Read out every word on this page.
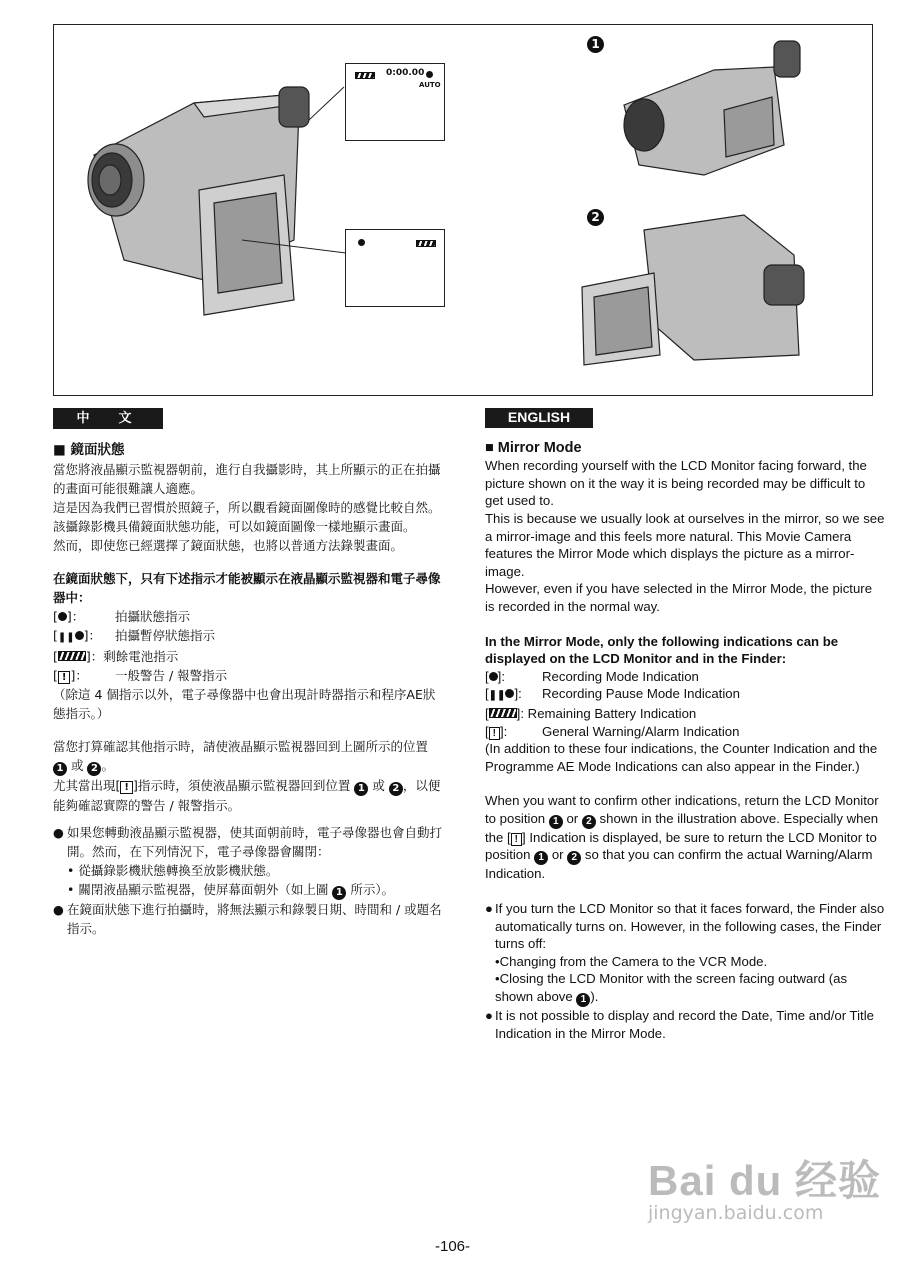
0:00.00
AUTO
1
2
中　文
■ 鏡面狀態

當您將液晶顯示監視器朝前，進行自我攝影時，其上所顯示的正在拍攝的畫面可能很難讓人適應。

這是因為我們已習慣於照鏡子，所以觀看鏡面圖像時的感覺比較自然。該攝錄影機具備鏡面狀態功能，可以如鏡面圖像一樣地顯示畫面。

然而，即使您已經選擇了鏡面狀態，也將以普通方法錄製畫面。

在鏡面狀態下，只有下述指示才能被顯示在液晶顯示監視器和電子尋像器中：

[ ]：	拍攝狀態指示
[❚❚ ]：	拍攝暫停狀態指示
[ ]： 剩餘電池指示
[ ! ]：	一般警告 / 報警指示

（除這 4 個指示以外，電子尋像器中也會出現計時器指示和程序AE狀態指示。）

當您打算確認其他指示時，請使液晶顯示監視器回到上圖所示的位置 1 或 2 。

尤其當出現[ ! ]指示時，須使液晶顯示監視器回到位置 1 或 2 ，以便能夠確認實際的警告 / 報警指示。

● 如果您轉動液晶顯示監視器，使其面朝前時，電子尋像器也會自動打開。然而，在下列情況下，電子尋像器會關閉：
• 從攝錄影機狀態轉換至放影機狀態。
• 關閉液晶顯示監視器，使屏幕面朝外（如上圖 1 所示）。
● 在鏡面狀態下進行拍攝時，將無法顯示和錄製日期、時間和 / 或題名指示。
ENGLISH
■ Mirror Mode

When recording yourself with the LCD Monitor facing forward, the picture shown on it the way it is being recorded may be difficult to get used to.

This is because we usually look at ourselves in the mirror, so we see a mirror-image and this feels more natural. This Movie Camera features the Mirror Mode which displays the picture as a mirror-image.

However, even if you have selected in the Mirror Mode, the picture is recorded in the normal way.

In the Mirror Mode, only the following indications can be displayed on the LCD Monitor and in the Finder:

[ ]:	Recording Mode Indication
[❚❚ ]:	Recording Pause Mode Indication
[ ]: Remaining Battery Indication
[ ! ]:	General Warning/Alarm Indication

(In addition to these four indications, the Counter Indication and the Programme AE Mode Indications can also appear in the Finder.)

When you want to confirm other indications, return the LCD Monitor to position 1 or 2 shown in the illustration above. Especially when the [ ! ] Indication is displayed, be sure to return the LCD Monitor to position 1 or 2 so that you can confirm the actual Warning/Alarm Indication.

● If you turn the LCD Monitor so that it faces forward, the Finder also automatically turns on. However, in the following cases, the Finder turns off:
•Changing from the Camera to the VCR Mode.
•Closing the LCD Monitor with the screen facing outward (as shown above 1 ).
● It is not possible to display and record the Date, Time and/or Title Indication in the Mirror Mode.
Bai du 经验
jingyan.baidu.com
-106-
